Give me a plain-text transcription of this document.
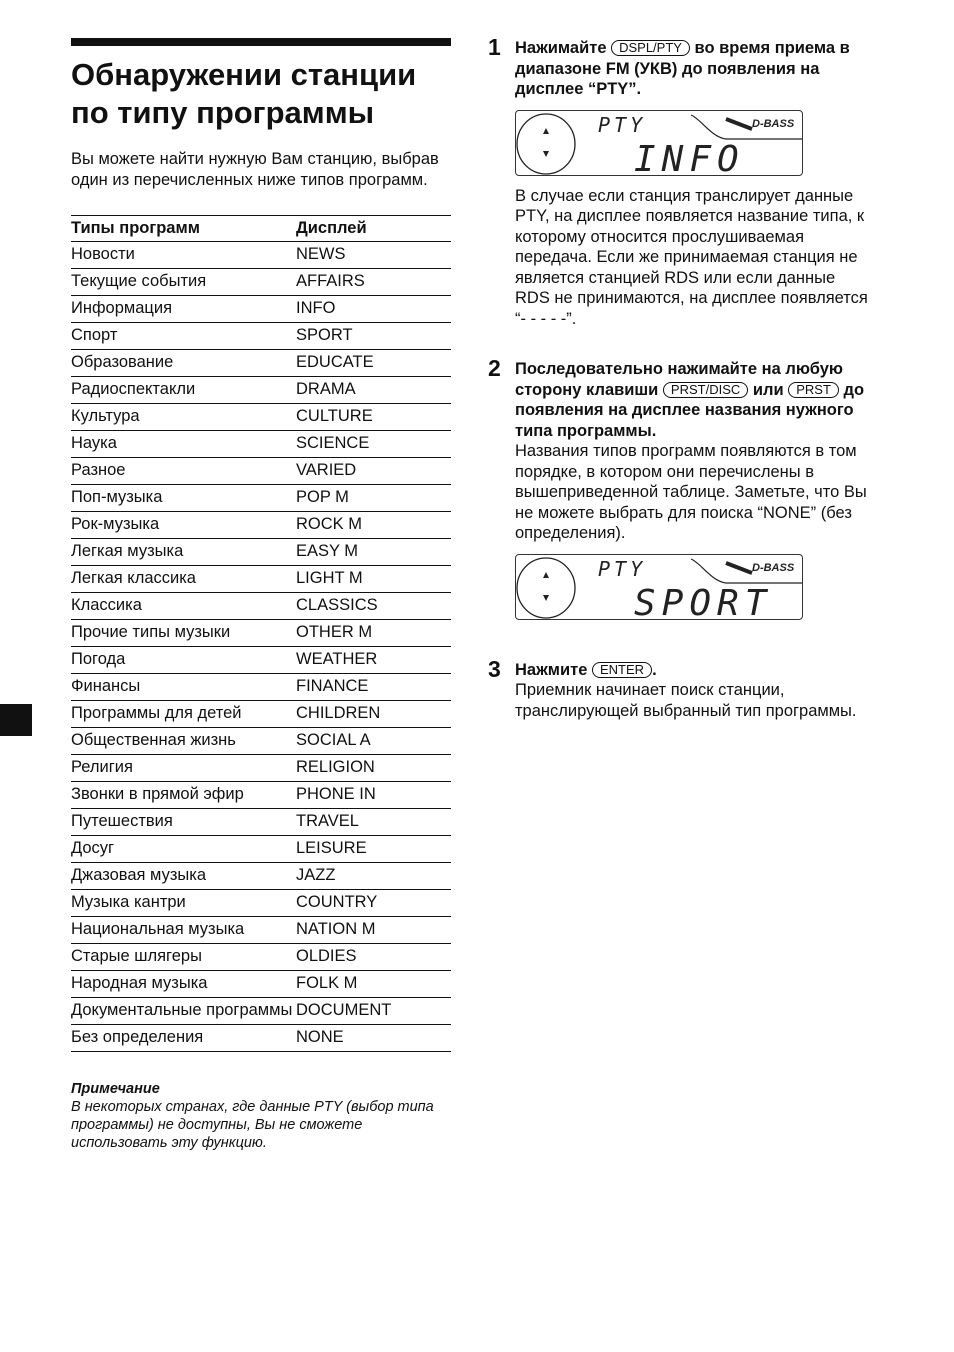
Обнаружении станции по типу программы
Вы можете найти нужную Вам станцию, выбрав один из перечисленных ниже типов программ.
Типы программ	Дисплей
Новости	NEWS
Текущие события	AFFAIRS
Информация	INFO
Спорт	SPORT
Образование	EDUCATE
Радиоспектакли	DRAMA
Культура	CULTURE
Наука	SCIENCE
Разное	VARIED
Поп-музыка	POP M
Рок-музыка	ROCK M
Легкая музыка	EASY M
Легкая классика	LIGHT M
Классика	CLASSICS
Прочие типы музыки	OTHER M
Погода	WEATHER
Финансы	FINANCE
Программы для детей	CHILDREN
Общественная жизнь	SOCIAL A
Религия	RELIGION
Звонки в прямой эфир	PHONE IN
Путешествия	TRAVEL
Досуг	LEISURE
Джазовая музыка	JAZZ
Музыка кантри	COUNTRY
Национальная музыка	NATION M
Старые шлягеры	OLDIES
Народная музыка	FOLK M
Документальные программы	DOCUMENT
Без определения	NONE
Примечание
В некоторых странах, где данные PTY (выбор типа программы) не доступны, Вы не сможете использовать эту функцию.
1 Нажимайте DSPL/PTY во время приема в диапазоне FM (УКВ) до появления на дисплее “PTY”.
PTY	D-BASS
INFO
В случае если станция транслирует данные PTY, на дисплее появляется название типа, к которому относится прослушиваемая передача. Если же принимаемая станция не является станцией RDS или если данные RDS не принимаются, на дисплее появляется “- - - - -”.
2 Последовательно нажимайте на любую сторону клавиши PRST/DISC или PRST до появления на дисплее названия нужного типа программы.
Названия типов программ появляются в том порядке, в котором они перечислены в вышеприведенной таблице. Заметьте, что Вы не можете выбрать для поиска “NONE” (без определения).
PTY	D-BASS
SPORT
3 Нажмите ENTER .
Приемник начинает поиск станции, транслирующей выбранный тип программы.
